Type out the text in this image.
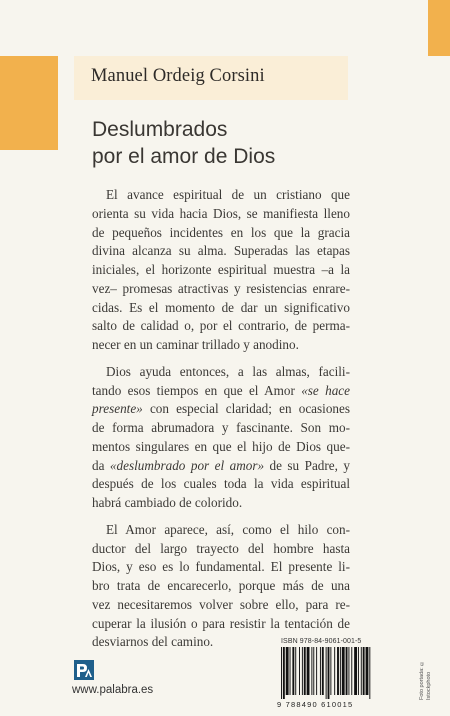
Manuel Ordeig Corsini
Deslumbrados
por el amor de Dios
El avance espiritual de un cristiano que
orienta su vida hacia Dios, se manifiesta lleno
de pequeños incidentes en los que la gracia
divina alcanza su alma. Superadas las etapas
iniciales, el horizonte espiritual muestra –a la
vez– promesas atractivas y resistencias enrare-
cidas. Es el momento de dar un significativo
salto de calidad o, por el contrario, de perma-
necer en un caminar trillado y anodino.
Dios ayuda entonces, a las almas, facili-
tando esos tiempos en que el Amor «se hace
presente» con especial claridad; en ocasiones
de forma abrumadora y fascinante. Son mo-
mentos singulares en que el hijo de Dios que-
da «deslumbrado por el amor» de su Padre, y
después de los cuales toda la vida espiritual
habrá cambiado de colorido.
El Amor aparece, así, como el hilo con-
ductor del largo trayecto del hombre hasta
Dios, y eso es lo fundamental. El presente li-
bro trata de encarecerlo, porque más de una
vez necesitaremos volver sobre ello, para re-
cuperar la ilusión o para resistir la tentación de
desviarnos del camino.	ISBN 978-84-9061-001-5
9 788490 610015
Foto portada: © Istockphoto
www.palabra.es
